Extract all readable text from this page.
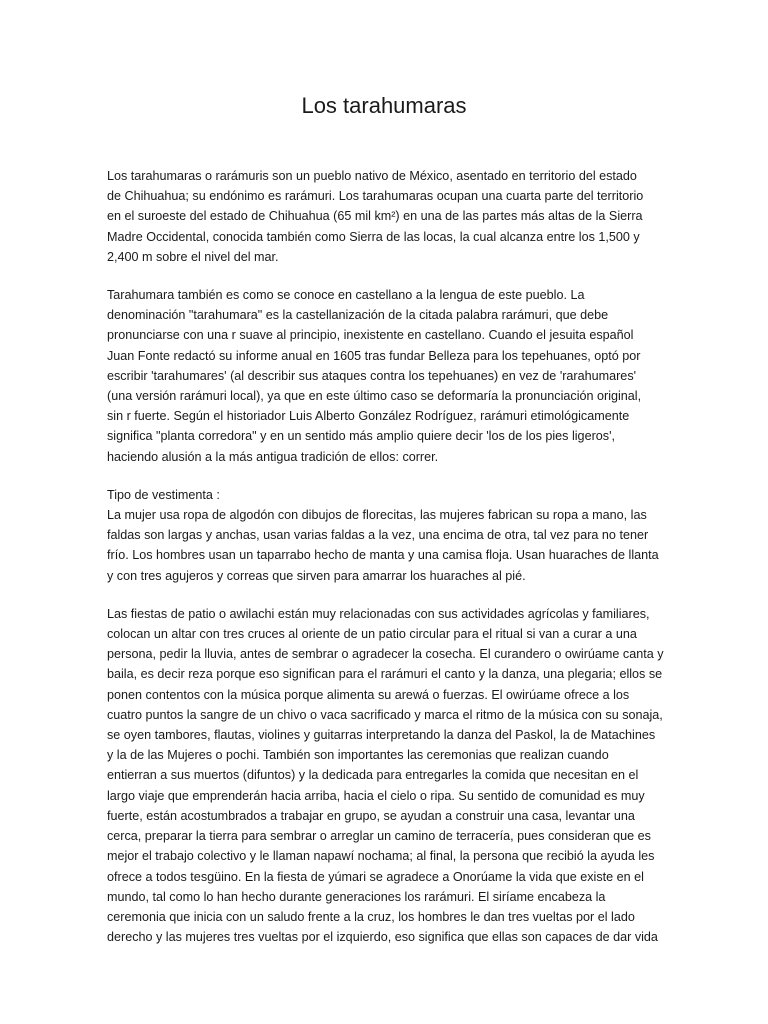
Los tarahumaras

Los tarahumaras o rarámuris son un pueblo nativo de México, asentado en territorio del estado
de Chihuahua; su endónimo es rarámuri. Los tarahumaras ocupan una cuarta parte del territorio
en el suroeste del estado de Chihuahua (65 mil km²) en una de las partes más altas de la Sierra
Madre Occidental, conocida también como Sierra de las locas, la cual alcanza entre los 1,500 y
2,400 m sobre el nivel del mar.

Tarahumara también es como se conoce en castellano a la lengua de este pueblo. La
denominación "tarahumara" es la castellanización de la citada palabra rarámuri, que debe
pronunciarse con una r suave al principio, inexistente en castellano. Cuando el jesuita español
Juan Fonte redactó su informe anual en 1605 tras fundar Belleza para los tepehuanes, optó por
escribir 'tarahumares' (al describir sus ataques contra los tepehuanes) en vez de 'rarahumares'
(una versión rarámuri local), ya que en este último caso se deformaría la pronunciación original,
sin r fuerte. Según el historiador Luis Alberto González Rodríguez, rarámuri etimológicamente
significa "planta corredora" y en un sentido más amplio quiere decir 'los de los pies ligeros',
haciendo alusión a la más antigua tradición de ellos: correr.

Tipo de vestimenta :
La mujer usa ropa de algodón con dibujos de florecitas, las mujeres fabrican su ropa a mano, las
faldas son largas y anchas, usan varias faldas a la vez, una encima de otra, tal vez para no tener
frío. Los hombres usan un taparrabo hecho de manta y una camisa floja. Usan huaraches de llanta
y con tres agujeros y correas que sirven para amarrar los huaraches al pié.

Las fiestas de patio o awilachi están muy relacionadas con sus actividades agrícolas y familiares,
colocan un altar con tres cruces al oriente de un patio circular para el ritual si van a curar a una
persona, pedir la lluvia, antes de sembrar o agradecer la cosecha. El curandero o owirúame canta y
baila, es decir reza porque eso significan para el rarámuri el canto y la danza, una plegaria; ellos se
ponen contentos con la música porque alimenta su arewá o fuerzas. El owirúame ofrece a los
cuatro puntos la sangre de un chivo o vaca sacrificado y marca el ritmo de la música con su sonaja,
se oyen tambores, flautas, violines y guitarras interpretando la danza del Paskol, la de Matachines
y la de las Mujeres o pochi. También son importantes las ceremonias que realizan cuando
entierran a sus muertos (difuntos) y la dedicada para entregarles la comida que necesitan en el
largo viaje que emprenderán hacia arriba, hacia el cielo o ripa. Su sentido de comunidad es muy
fuerte, están acostumbrados a trabajar en grupo, se ayudan a construir una casa, levantar una
cerca, preparar la tierra para sembrar o arreglar un camino de terracería, pues consideran que es
mejor el trabajo colectivo y le llaman napawí nochama; al final, la persona que recibió la ayuda les
ofrece a todos tesgüino. En la fiesta de yúmari se agradece a Onorúame la vida que existe en el
mundo, tal como lo han hecho durante generaciones los rarámuri. El siríame encabeza la
ceremonia que inicia con un saludo frente a la cruz, los hombres le dan tres vueltas por el lado
derecho y las mujeres tres vueltas por el izquierdo, eso significa que ellas son capaces de dar vida
